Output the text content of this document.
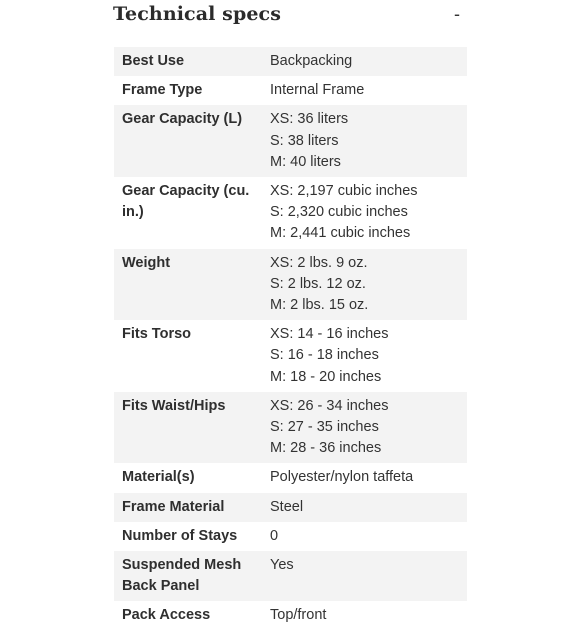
Technical specs	-
Best Use	Backpacking

Frame Type	Internal Frame

Gear Capacity (L)	XS: 36 liters
S: 38 liters
M: 40 liters

Gear Capacity (cu. in.)	XS: 2,197 cubic inches
S: 2,320 cubic inches
M: 2,441 cubic inches

Weight	XS: 2 lbs. 9 oz.
S: 2 lbs. 12 oz.
M: 2 lbs. 15 oz.

Fits Torso	XS: 14 - 16 inches
S: 16 - 18 inches
M: 18 - 20 inches

Fits Waist/Hips	XS: 26 - 34 inches
S: 27 - 35 inches
M: 28 - 36 inches

Material(s)	Polyester/nylon taffeta

Frame Material	Steel

Number of Stays	0

Suspended Mesh Back Panel	Yes

Pack Access	Top/front
